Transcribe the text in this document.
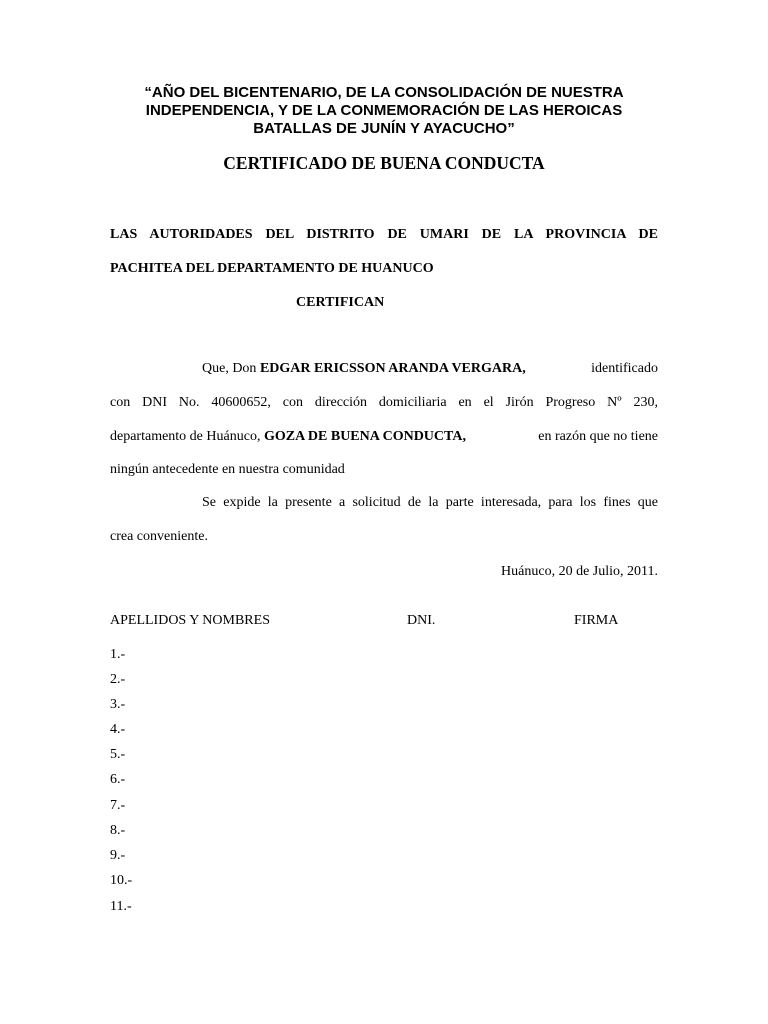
“AÑO DEL BICENTENARIO, DE LA CONSOLIDACIÓN DE NUESTRA
INDEPENDENCIA, Y DE LA CONMEMORACIÓN DE LAS HEROICAS
BATALLAS DE JUNÍN Y AYACUCHO”
CERTIFICADO DE BUENA CONDUCTA
LAS AUTORIDADES DEL DISTRITO DE UMARI DE LA PROVINCIA DE
PACHITEA DEL DEPARTAMENTO DE HUANUCO
CERTIFICAN
Que, Don EDGAR ERICSSON ARANDA VERGARA,	identificado
con DNI No. 40600652, con dirección domiciliaria en el Jirón Progreso Nº 230,
departamento de Huánuco, GOZA DE BUENA CONDUCTA,	en razón que no tiene
ningún antecedente en nuestra comunidad
Se expide la presente a solicitud de la parte interesada, para los fines que
crea conveniente.
Huánuco, 20 de Julio, 2011.
APELLIDOS Y NOMBRES	DNI.	FIRMA
1.-
2.-
3.-
4.-
5.-
6.-
7.-
8.-
9.-
10.-
11.-
